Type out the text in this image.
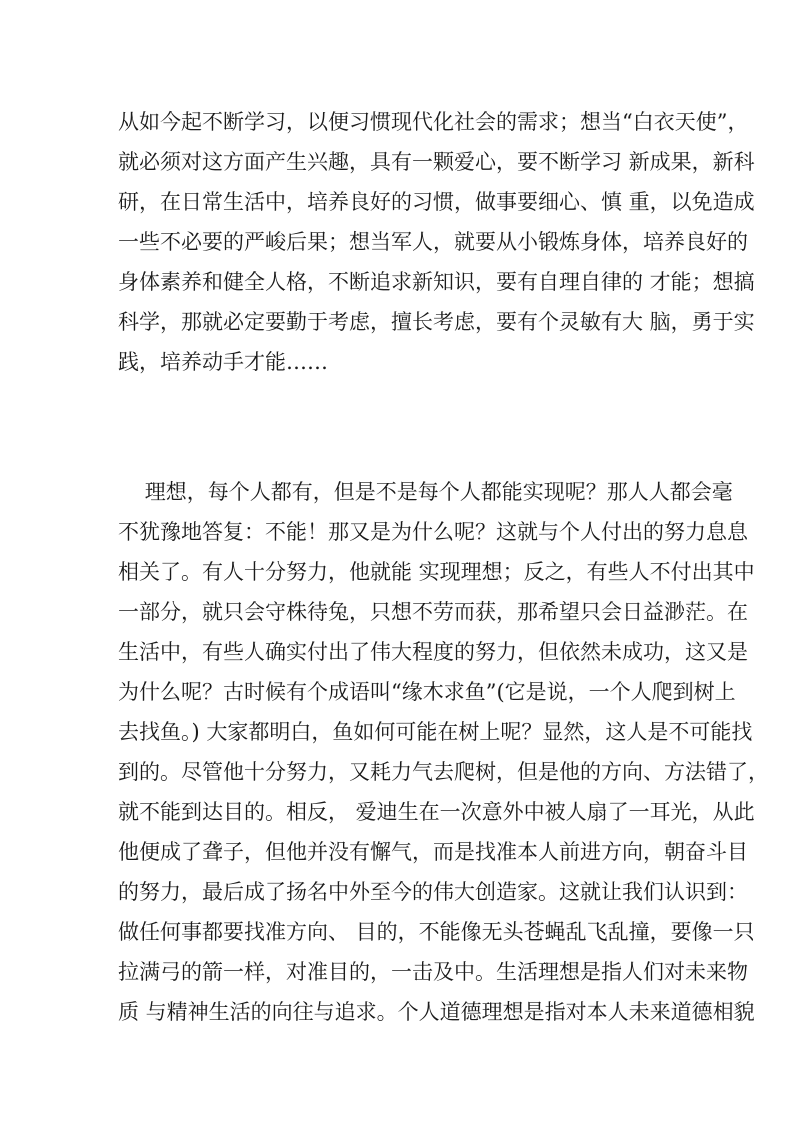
从如今起不断学习，以便习惯现代化社会的需求；想当“白衣天使”，
就必须对这方面产生兴趣，具有一颗爱心，要不断学习 新成果，新科
研，在日常生活中，培养良好的习惯，做事要细心、慎 重，以免造成
一些不必要的严峻后果；想当军人，就要从小锻炼身体，培养良好的
身体素养和健全人格，不断追求新知识，要有自理自律的 才能；想搞
科学，那就必定要勤于考虑，擅长考虑，要有个灵敏有大 脑，勇于实
践，培养动手才能……
理想，每个人都有，但是不是每个人都能实现呢？那人人都会毫
不犹豫地答复：不能！那又是为什么呢？这就与个人付出的努力息息
相关了。有人十分努力，他就能 实现理想；反之，有些人不付出其中
一部分，就只会守株待兔，只想不劳而获，那希望只会日益渺茫。在
生活中，有些人确实付出了伟大程度的努力，但依然未成功，这又是
为什么呢？古时候有个成语叫“缘木求鱼”(它是说，一个人爬到树上
去找鱼。) 大家都明白，鱼如何可能在树上呢？显然，这人是不可能找
到的。尽管他十分努力，又耗力气去爬树，但是他的方向、方法错了，
就不能到达目的。相反， 爱迪生在一次意外中被人扇了一耳光，从此
他便成了聋子，但他并没有懈气，而是找准本人前进方向，朝奋斗目
的努力，最后成了扬名中外至今的伟大创造家。这就让我们认识到：
做任何事都要找准方向、 目的，不能像无头苍蝇乱飞乱撞，要像一只
拉满弓的箭一样，对准目的，一击及中。生活理想是指人们对未来物
质 与精神生活的向往与追求。个人道德理想是指对本人未来道德相貌
